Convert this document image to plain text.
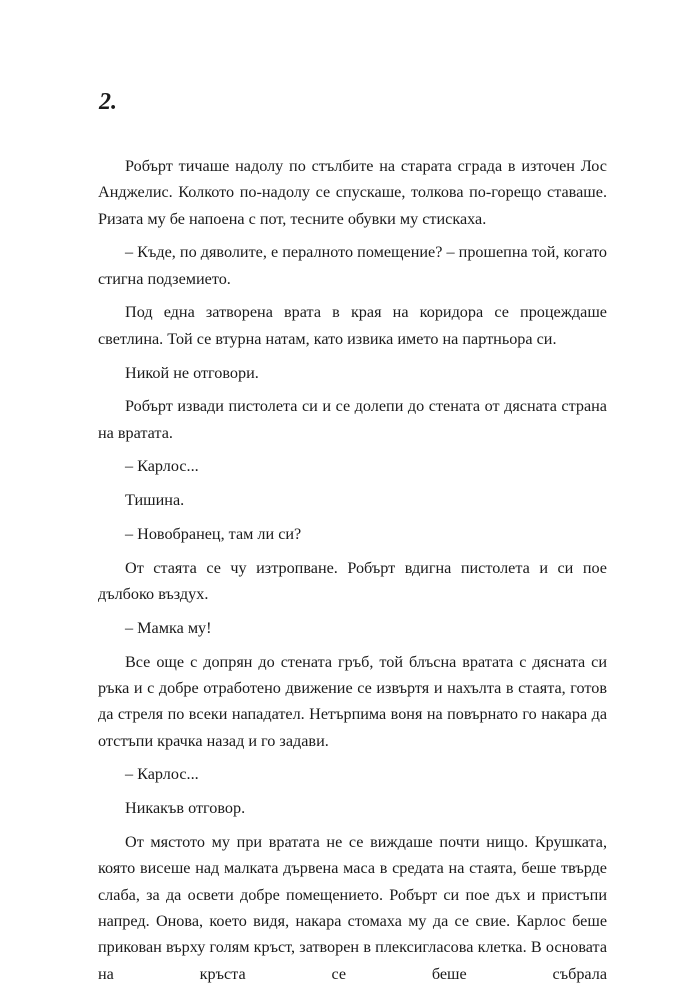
2.

Робърт тичаше надолу по стълбите на старата сграда в източен Лос Анджелис. Колкото по-надолу се спускаше, толкова по-горещо ставаше. Ризата му бе напоена с пот, тесните обувки му стискаха.

– Къде, по дяволите, е пералното помещение? – прошепна той, когато стигна подземието.

Под една затворена врата в края на коридора се процеждаше светлина. Той се втурна натам, като извика името на партньора си.

Никой не отговори.

Робърт извади пистолета си и се долепи до стената от дясната страна на вратата.

– Карлос...

Тишина.

– Новобранец, там ли си?

От стаята се чу изтропване. Робърт вдигна пистолета и си пое дълбоко въздух.

– Мамка му!

Все още с допрян до стената гръб, той блъсна вратата с дясната си ръка и с добре отработено движение се извъртя и нахълта в стаята, готов да стреля по всеки нападател. Нетърпима воня на повърнато го накара да отстъпи крачка назад и го задави.

– Карлос...

Никакъв отговор.

От мястото му при вратата не се виждаше почти нищо. Крушката, която висеше над малката дървена маса в средата на стаята, беше твърде слаба, за да освети добре помещението. Робърт си пое дъх и пристъпи напред. Онова, което видя, накара стомаха му да се свие. Карлос беше прикован върху голям кръст, затворен в плексигласова клетка. В основата на кръста се беше събрала
